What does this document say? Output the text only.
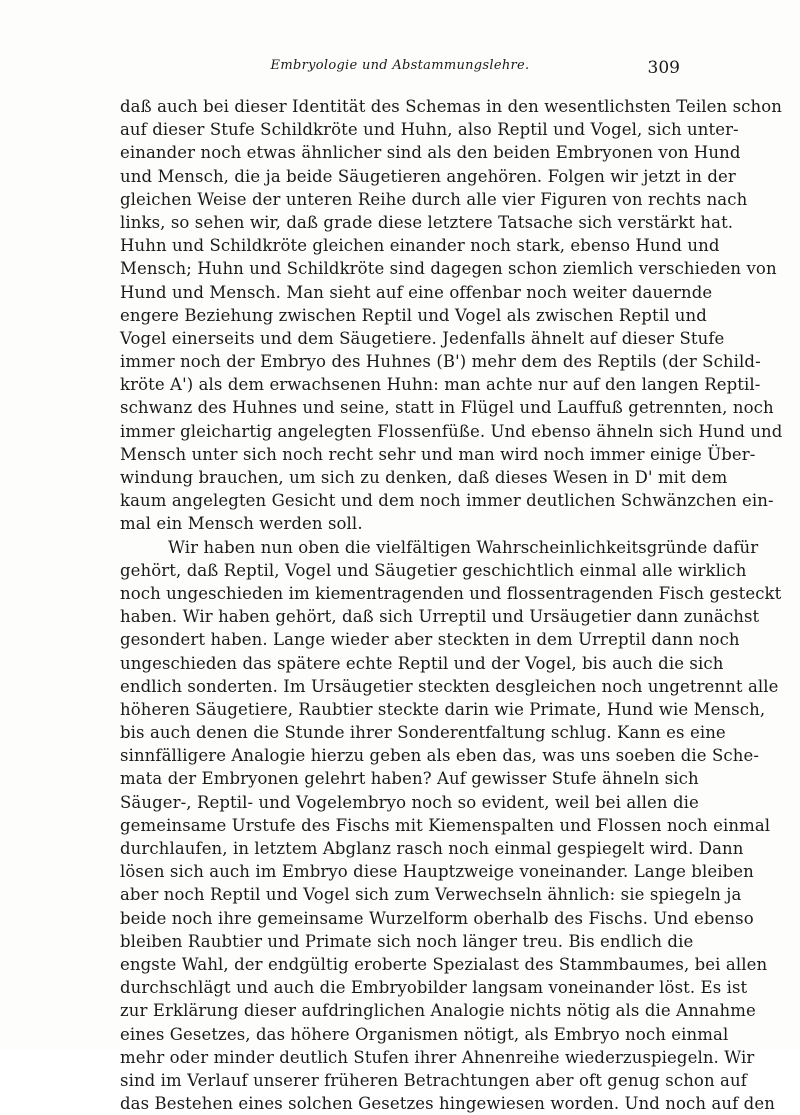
Embryologie und Abstammungslehre.	309
daß auch bei dieser Identität des Schemas in den wesentlichsten Teilen schon
auf dieser Stufe Schildkröte und Huhn, also Reptil und Vogel, sich unter-
einander noch etwas ähnlicher sind als den beiden Embryonen von Hund
und Mensch, die ja beide Säugetieren angehören. Folgen wir jetzt in der
gleichen Weise der unteren Reihe durch alle vier Figuren von rechts nach
links, so sehen wir, daß grade diese letztere Tatsache sich verstärkt hat.
Huhn und Schildkröte gleichen einander noch stark, ebenso Hund und
Mensch; Huhn und Schildkröte sind dagegen schon ziemlich verschieden von
Hund und Mensch. Man sieht auf eine offenbar noch weiter dauernde
engere Beziehung zwischen Reptil und Vogel als zwischen Reptil und
Vogel einerseits und dem Säugetiere. Jedenfalls ähnelt auf dieser Stufe
immer noch der Embryo des Huhnes (B') mehr dem des Reptils (der Schild-
kröte A') als dem erwachsenen Huhn: man achte nur auf den langen Reptil-
schwanz des Huhnes und seine, statt in Flügel und Lauffuß getrennten, noch
immer gleichartig angelegten Flossenfüße. Und ebenso ähneln sich Hund und
Mensch unter sich noch recht sehr und man wird noch immer einige Über-
windung brauchen, um sich zu denken, daß dieses Wesen in D' mit dem
kaum angelegten Gesicht und dem noch immer deutlichen Schwänzchen ein-
mal ein Mensch werden soll.
Wir haben nun oben die vielfältigen Wahrscheinlichkeitsgründe dafür
gehört, daß Reptil, Vogel und Säugetier geschichtlich einmal alle wirklich
noch ungeschieden im kiementragenden und flossentragenden Fisch gesteckt
haben. Wir haben gehört, daß sich Urreptil und Ursäugetier dann zunächst
gesondert haben. Lange wieder aber steckten in dem Urreptil dann noch
ungeschieden das spätere echte Reptil und der Vogel, bis auch die sich
endlich sonderten. Im Ursäugetier steckten desgleichen noch ungetrennt alle
höheren Säugetiere, Raubtier steckte darin wie Primate, Hund wie Mensch,
bis auch denen die Stunde ihrer Sonderentfaltung schlug. Kann es eine
sinnfälligere Analogie hierzu geben als eben das, was uns soeben die Sche-
mata der Embryonen gelehrt haben? Auf gewisser Stufe ähneln sich
Säuger-, Reptil- und Vogelembryo noch so evident, weil bei allen die
gemeinsame Urstufe des Fischs mit Kiemenspalten und Flossen noch einmal
durchlaufen, in letztem Abglanz rasch noch einmal gespiegelt wird. Dann
lösen sich auch im Embryo diese Hauptzweige voneinander. Lange bleiben
aber noch Reptil und Vogel sich zum Verwechseln ähnlich: sie spiegeln ja
beide noch ihre gemeinsame Wurzelform oberhalb des Fischs. Und ebenso
bleiben Raubtier und Primate sich noch länger treu. Bis endlich die
engste Wahl, der endgültig eroberte Spezialast des Stammbaumes, bei allen
durchschlägt und auch die Embryobilder langsam voneinander löst. Es ist
zur Erklärung dieser aufdringlichen Analogie nichts nötig als die Annahme
eines Gesetzes, das höhere Organismen nötigt, als Embryo noch einmal
mehr oder minder deutlich Stufen ihrer Ahnenreihe wiederzuspiegeln. Wir
sind im Verlauf unserer früheren Betrachtungen aber oft genug schon auf
das Bestehen eines solchen Gesetzes hingewiesen worden. Und noch auf den
